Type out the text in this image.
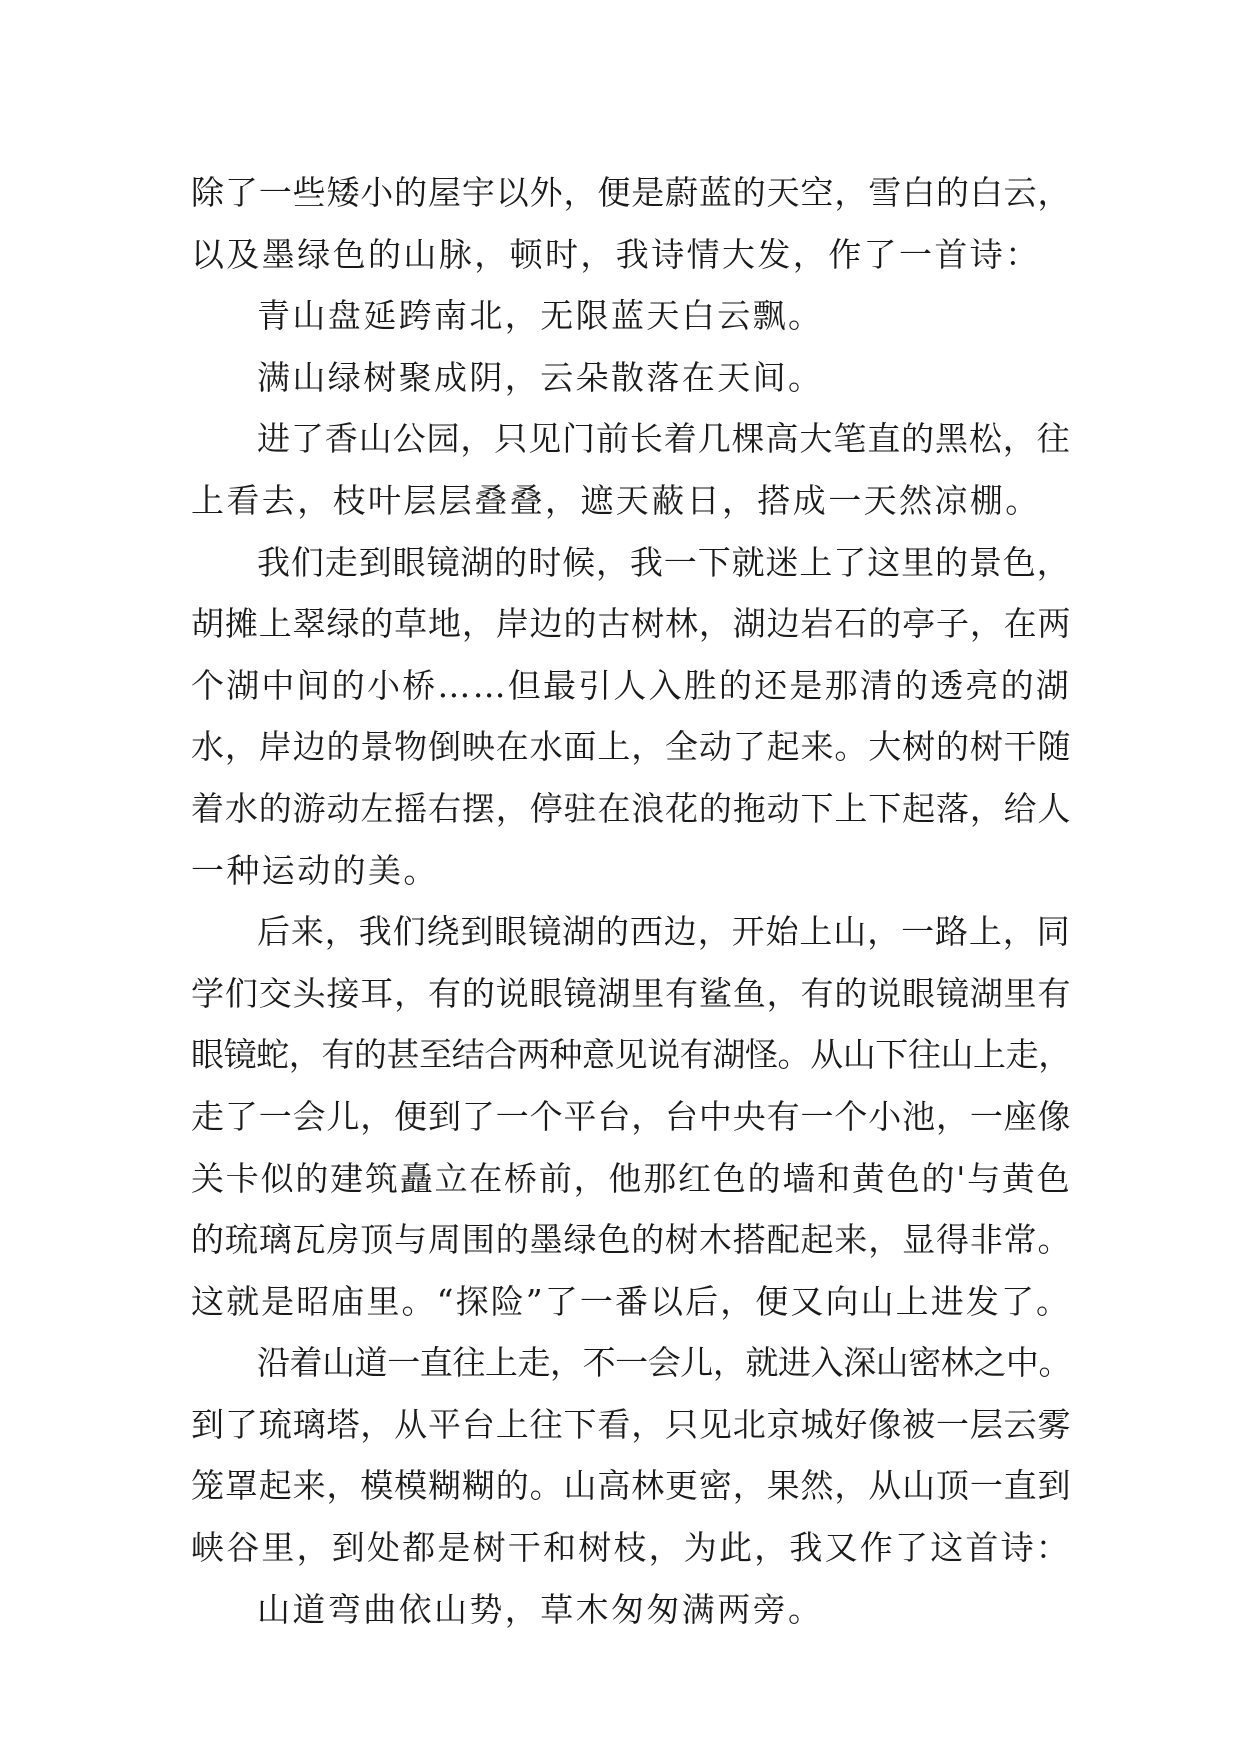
除了一些矮小的屋宇以外，便是蔚蓝的天空，雪白的白云，
以及墨绿色的山脉，顿时，我诗情大发，作了一首诗：
青山盘延跨南北，无限蓝天白云飘。
满山绿树聚成阴，云朵散落在天间。
进了香山公园，只见门前长着几棵高大笔直的黑松，往
上看去，枝叶层层叠叠，遮天蔽日，搭成一天然凉棚。
我们走到眼镜湖的时候，我一下就迷上了这里的景色，
胡摊上翠绿的草地，岸边的古树林，湖边岩石的亭子，在两
个湖中间的小桥……但最引人入胜的还是那清的透亮的湖
水，岸边的景物倒映在水面上，全动了起来。大树的树干随
着水的游动左摇右摆，停驻在浪花的拖动下上下起落，给人
一种运动的美。
后来，我们绕到眼镜湖的西边，开始上山，一路上，同
学们交头接耳，有的说眼镜湖里有鲨鱼，有的说眼镜湖里有
眼镜蛇，有的甚至结合两种意见说有湖怪。从山下往山上走，
走了一会儿，便到了一个平台，台中央有一个小池，一座像
关卡似的建筑矗立在桥前，他那红色的墙和黄色的'与黄色
的琉璃瓦房顶与周围的墨绿色的树木搭配起来，显得非常。
这就是昭庙里。“探险”了一番以后，便又向山上进发了。
沿着山道一直往上走，不一会儿，就进入深山密林之中。
到了琉璃塔，从平台上往下看，只见北京城好像被一层云雾
笼罩起来，模模糊糊的。山高林更密，果然，从山顶一直到
峡谷里，到处都是树干和树枝，为此，我又作了这首诗：
山道弯曲依山势，草木匆匆满两旁。
